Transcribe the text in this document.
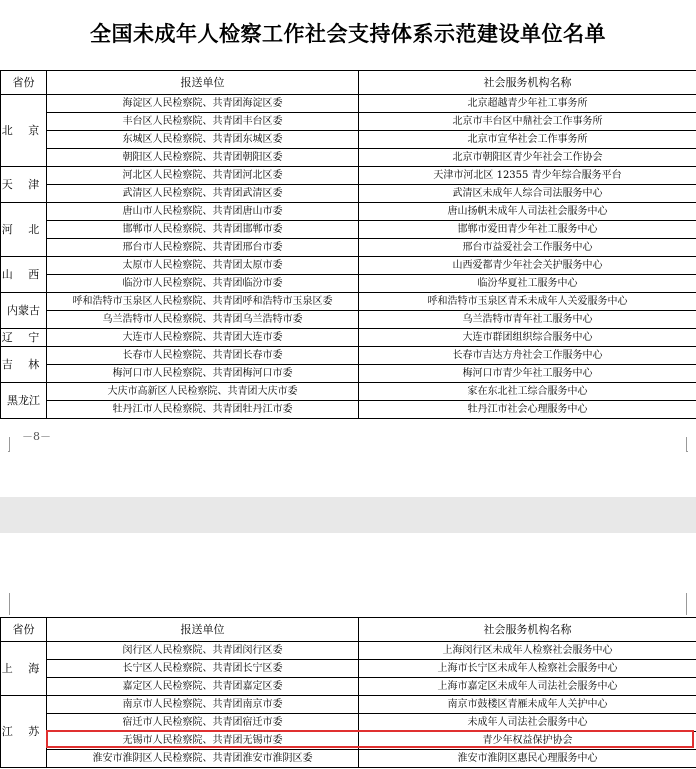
全国未成年人检察工作社会支持体系示范建设单位名单
省份	报送单位	社会服务机构名称
北 京	海淀区人民检察院、共青团海淀区委	北京超越青少年社工事务所
	丰台区人民检察院、共青团丰台区委	北京市丰台区中鼎社会工作事务所
	东城区人民检察院、共青团东城区委	北京市宣华社会工作事务所
	朝阳区人民检察院、共青团朝阳区委	北京市朝阳区青少年社会工作协会
天 津	河北区人民检察院、共青团河北区委	天津市河北区 12355 青少年综合服务平台
	武清区人民检察院、共青团武清区委	武清区未成年人综合司法服务中心
河 北	唐山市人民检察院、共青团唐山市委	唐山扬帆未成年人司法社会服务中心
	邯郸市人民检察院、共青团邯郸市委	邯郸市爱田青少年社工服务中心
	邢台市人民检察院、共青团邢台市委	邢台市益爱社会工作服务中心
山 西	太原市人民检察院、共青团太原市委	山西爱都青少年社会关护服务中心
	临汾市人民检察院、共青团临汾市委	临汾华夏社工服务中心
内蒙古	呼和浩特市玉泉区人民检察院、共青团呼和浩特市玉泉区委	呼和浩特市玉泉区青禾未成年人关爱服务中心
	乌兰浩特市人民检察院、共青团乌兰浩特市委	乌兰浩特市青年社工服务中心
辽 宁	大连市人民检察院、共青团大连市委	大连市群团组织综合服务中心
吉 林	长春市人民检察院、共青团长春市委	长春市吉达方舟社会工作服务中心
	梅河口市人民检察院、共青团梅河口市委	梅河口市青少年社工服务中心
黑龙江	大庆市高新区人民检察院、共青团大庆市委	家在东北社工综合服务中心
	牡丹江市人民检察院、共青团牡丹江市委	牡丹江市社会心理服务中心
－8－
省份	报送单位	社会服务机构名称
上 海	闵行区人民检察院、共青团闵行区委	上海闵行区未成年人检察社会服务中心
	长宁区人民检察院、共青团长宁区委	上海市长宁区未成年人检察社会服务中心
	嘉定区人民检察院、共青团嘉定区委	上海市嘉定区未成年人司法社会服务中心
江 苏	南京市人民检察院、共青团南京市委	南京市鼓楼区青雁未成年人关护中心
	宿迁市人民检察院、共青团宿迁市委	未成年人司法社会服务中心
	无锡市人民检察院、共青团无锡市委	青少年权益保护协会
	淮安市淮阴区人民检察院、共青团淮安市淮阴区委	淮安市淮阴区惠民心理服务中心
